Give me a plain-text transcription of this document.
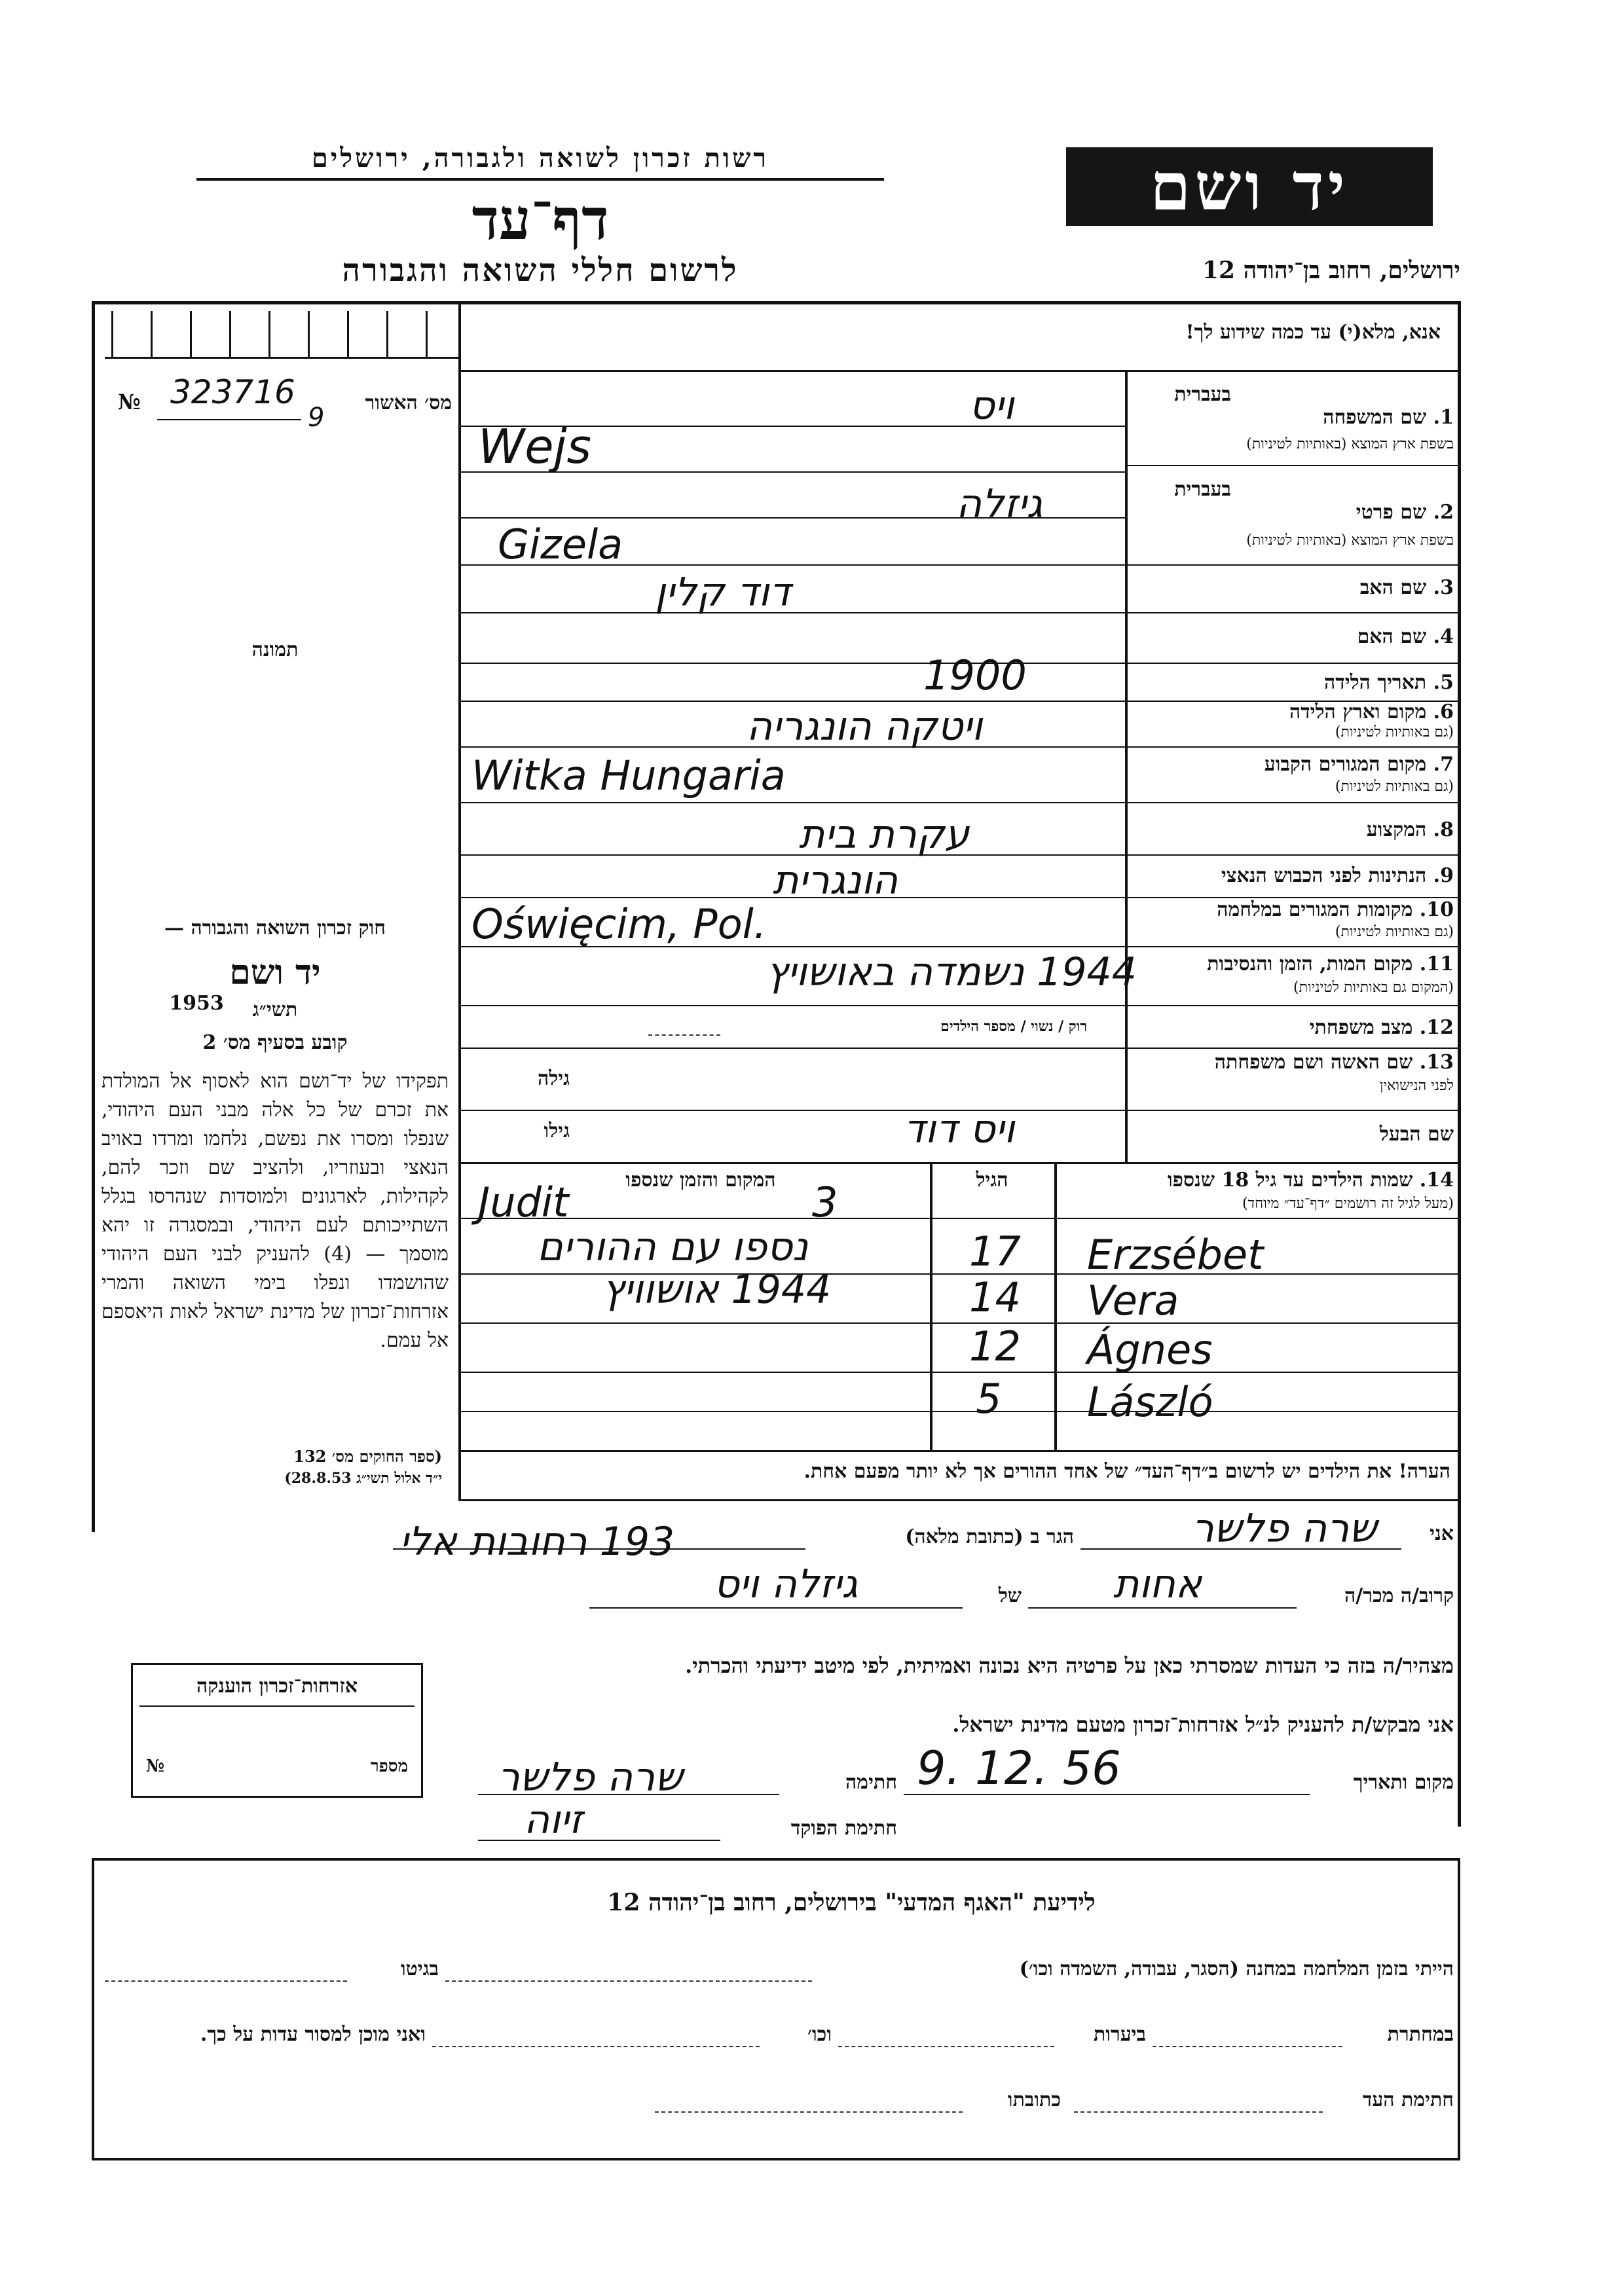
רשות זכרון לשואה ולגבורה, ירושלים
דף־עד
לרשום חללי השואה והגבורה
יד ושם
ירושלים, רחוב בן־יהודה 12
אנא, מלא(י) עד כמה שידוע לך!
מס׳ האשור
№ 323716
9
תמונה
בעברית
1. שם המשפחה
בשפת ארץ המוצא (באותיות לטיניות)
בעברית
2. שם פרטי
בשפת ארץ המוצא (באותיות לטיניות)
3. שם האב
4. שם האם
5. תאריך הלידה
6. מקום וארץ הלידה
(גם באותיות לטיניות)
7. מקום המגורים הקבוע
(גם באותיות לטיניות)
8. המקצוע
9. הנתינות לפני הכבוש הנאצי
10. מקומות המגורים במלחמה
(גם באותיות לטיניות)
11. מקום המות, הזמן והנסיבות
(המקום גם באותיות לטיניות)
12. מצב משפחתי
13. שם האשה ושם משפחתה
לפני הנישואין
שם הבעל
רוק / נשוי / מספר הילדים
גילה
גילו
ויס
Wejs
גיזלה
Gizela
דוד קלין
1900
ויטקה הונגריה
Witka Hungaria
עקרת בית
הונגרית
Oświęcim, Pol.
1944 נשמדה באושויץ
ויס דוד
14. שמות הילדים עד גיל 18 שנספו
(מעל לגיל זה רושמים ״דף־עד״ מיוחד)
הגיל
המקום והזמן שנספו
Judit	3
Erzsébet
17
נספו עם ההורים
Vera
14
1944 אושוויץ
Ágnes
12
László
5
הערה! את הילדים יש לרשום ב״דף־העד״ של אחד ההורים אך לא יותר מפעם אחת.
חוק זכרון השואה והגבורה —
יד ושם
תשי״ג
1953
קובע בסעיף מס׳ 2
תפקידו של יד־ושם הוא לאסוף אל המולדת את זכרם של כל אלה מבני העם היהודי, שנפלו ומסרו את נפשם, נלחמו ומרדו באויב הנאצי ובעוזריו, ולהציב שם וזכר להם, לקהילות, לארגונים ולמוסדות שנהרסו בגלל השתייכותם לעם היהודי, ובמסגרה זו יהא מוסמך — (4) להעניק לבני העם היהודי שהושמדו ונפלו בימי השואה והמרי אזרחות־זכרון של מדינת ישראל לאות היאספם אל עמם.
(ספר החוקים מס׳ 132
י״ד אלול תשי״ג 28.8.53)
אני
שרה פלשר
הגר ב (כתובת מלאה)
193 רחובות אלי
קרוב/ה מכר/ה
אחות
של
גיזלה ויס
מצהיר/ה בזה כי העדות שמסרתי כאן על פרטיה היא נכונה ואמיתית, לפי מיטב ידיעתי והכרתי.
אני מבקש/ת להעניק לנ״ל אזרחות־זכרון מטעם מדינת ישראל.
מקום ותאריך
9. 12. 56
חתימה
שרה פלשר
חתימת הפוקד
זיוה
אזרחות־זכרון הוענקה
מספר
№
לידיעת "האגף המדעי" בירושלים, רחוב בן־יהודה 12
הייתי בזמן המלחמה במחנה (הסגר, עבודה, השמדה וכו׳)
בגיטו
במחתרת
ביערות
וכו׳
ואני מוכן למסור עדות על כך.
חתימת העד
כתובתו
